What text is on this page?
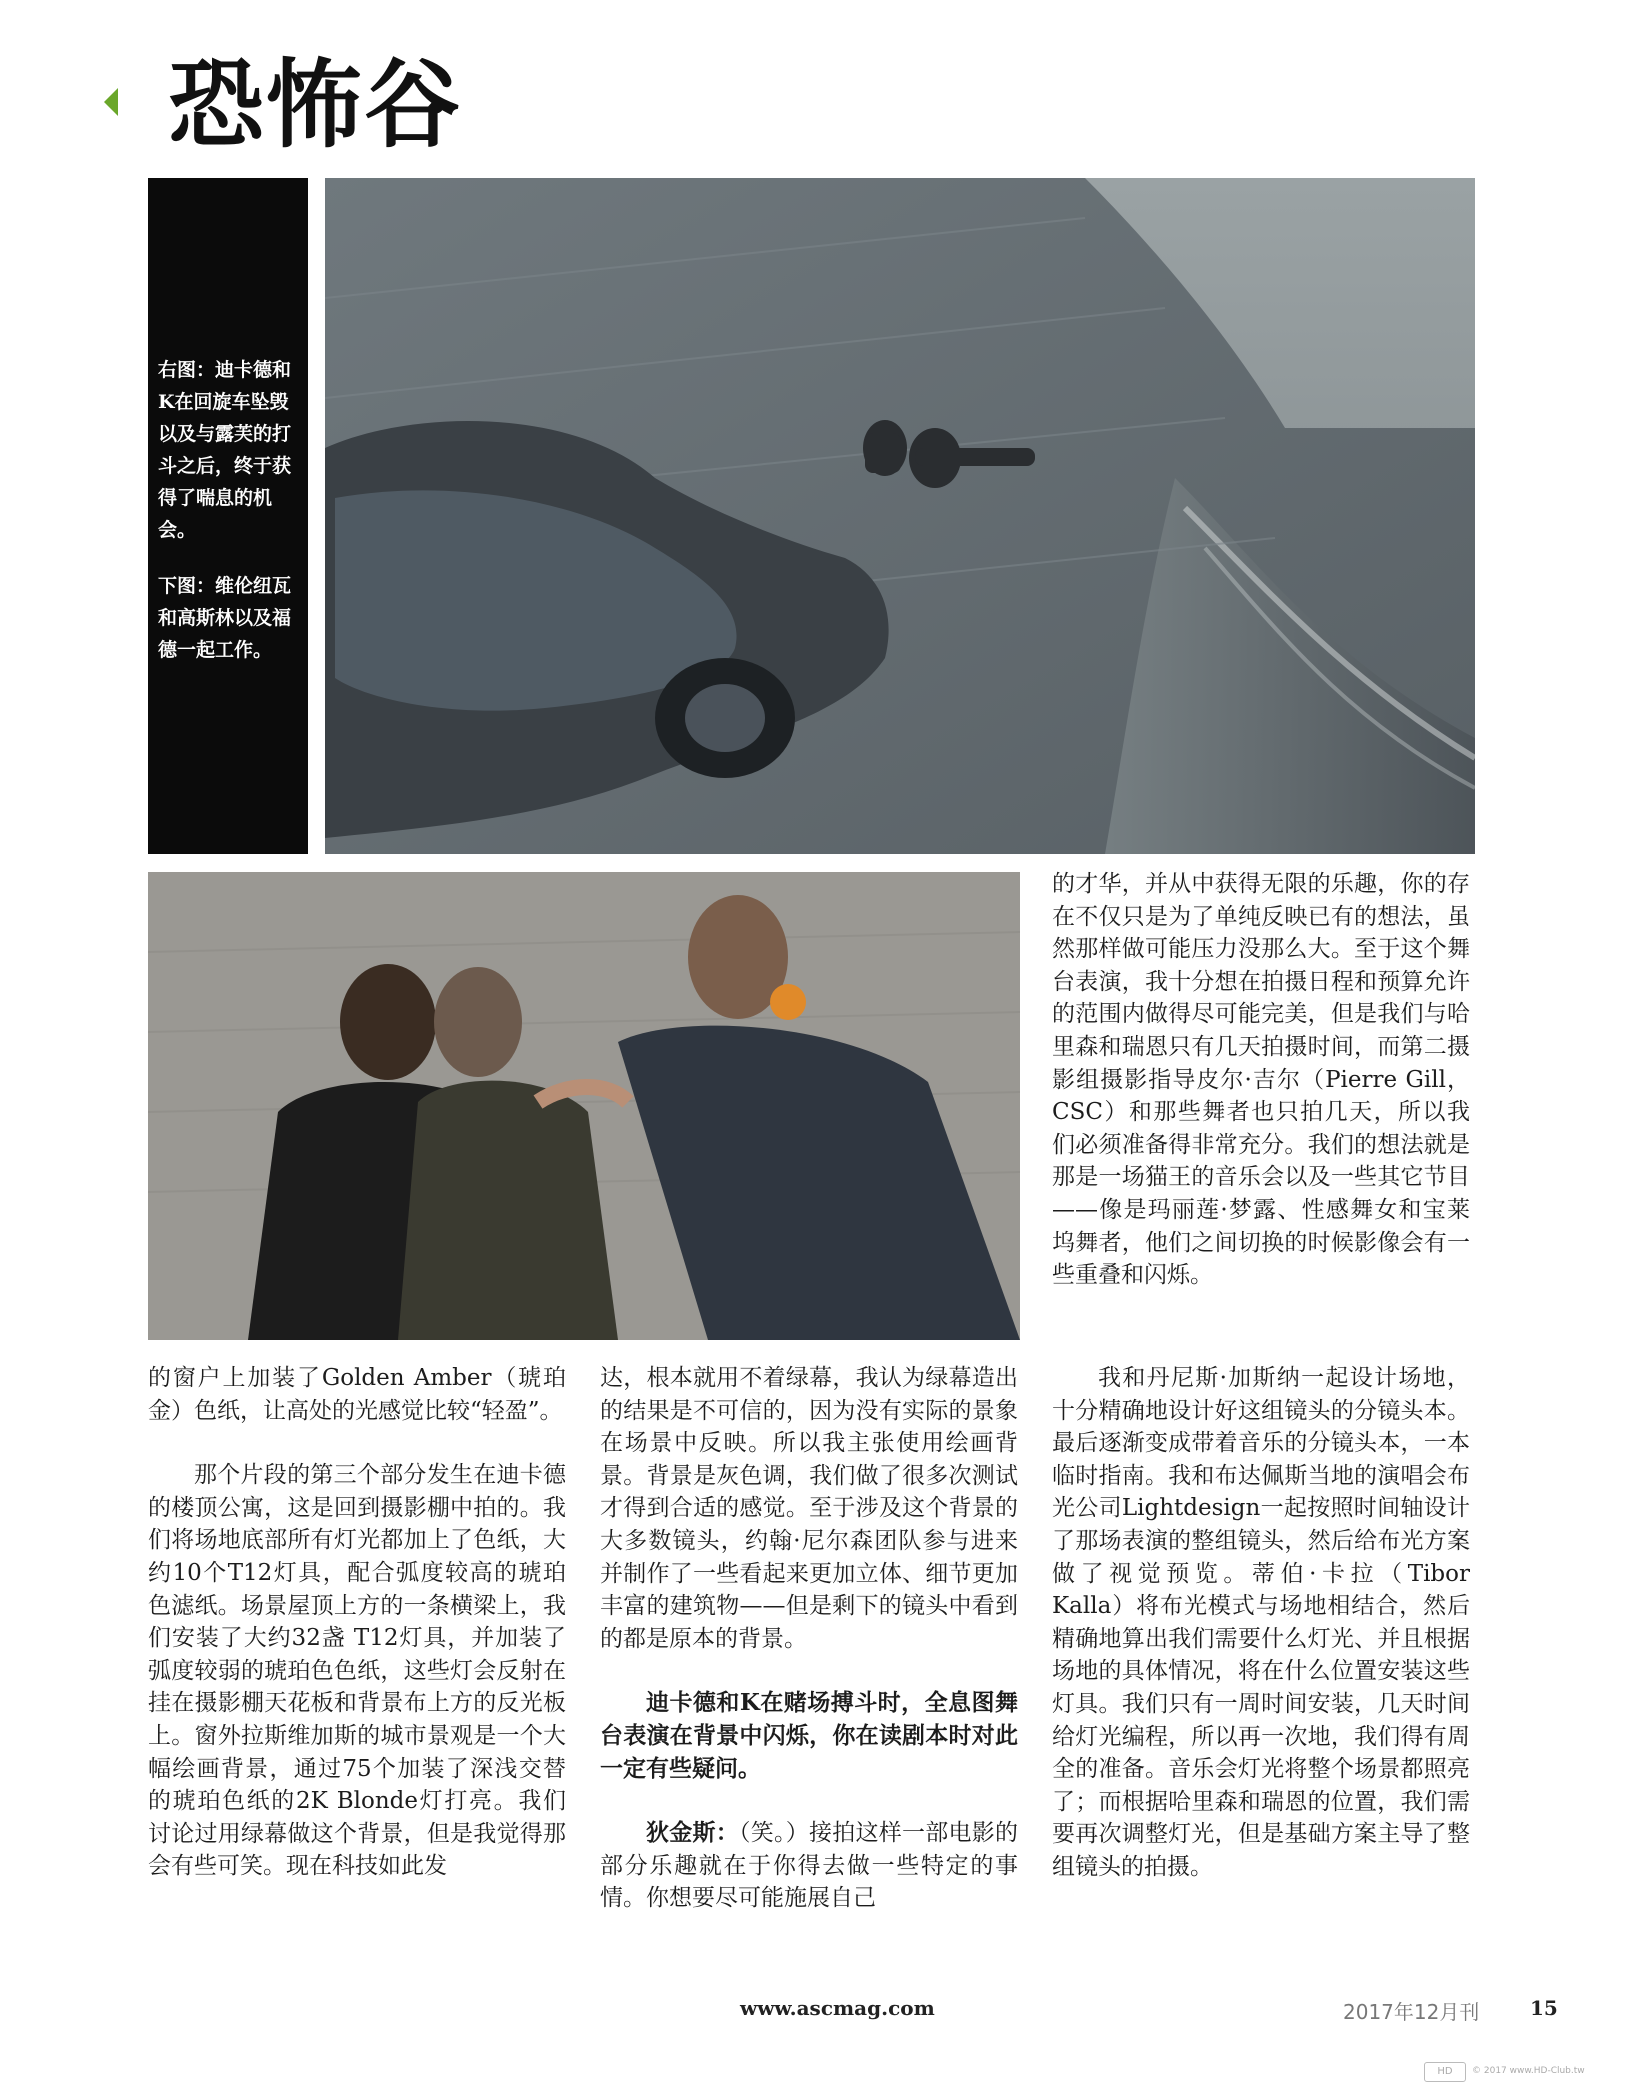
恐怖谷

右图：迪卡德和K在回旋车坠毁以及与露芙的打斗之后，终于获得了喘息的机会。

下图：维伦纽瓦和高斯林以及福德一起工作。

的才华，并从中获得无限的乐趣，你的存在不仅只是为了单纯反映已有的想法，虽然那样做可能压力没那么大。至于这个舞台表演，我十分想在拍摄日程和预算允许的范围内做得尽可能完美，但是我们与哈里森和瑞恩只有几天拍摄时间，而第二摄影组摄影指导皮尔·吉尔（Pierre Gill，CSC）和那些舞者也只拍几天，所以我们必须准备得非常充分。我们的想法就是那是一场猫王的音乐会以及一些其它节目——像是玛丽莲·梦露、性感舞女和宝莱坞舞者，他们之间切换的时候影像会有一些重叠和闪烁。

的窗户上加装了Golden Amber（琥珀金）色纸，让高处的光感觉比较“轻盈”。

那个片段的第三个部分发生在迪卡德的楼顶公寓，这是回到摄影棚中拍的。我们将场地底部所有灯光都加上了色纸，大约10个T12灯具，配合弧度较高的琥珀色滤纸。场景屋顶上方的一条横梁上，我们安装了大约32盏 T12灯具，并加装了弧度较弱的琥珀色色纸，这些灯会反射在挂在摄影棚天花板和背景布上方的反光板上。窗外拉斯维加斯的城市景观是一个大幅绘画背景，通过75个加装了深浅交替的琥珀色纸的2K Blonde灯打亮。我们讨论过用绿幕做这个背景，但是我觉得那会有些可笑。现在科技如此发

达，根本就用不着绿幕，我认为绿幕造出的结果是不可信的，因为没有实际的景象在场景中反映。所以我主张使用绘画背景。背景是灰色调，我们做了很多次测试才得到合适的感觉。至于涉及这个背景的大多数镜头，约翰·尼尔森团队参与进来并制作了一些看起来更加立体、细节更加丰富的建筑物——但是剩下的镜头中看到的都是原本的背景。

迪卡德和K在赌场搏斗时，全息图舞台表演在背景中闪烁，你在读剧本时对此一定有些疑问。

狄金斯：（笑。）接拍这样一部电影的部分乐趣就在于你得去做一些特定的事情。你想要尽可能施展自己

我和丹尼斯·加斯纳一起设计场地，十分精确地设计好这组镜头的分镜头本。最后逐渐变成带着音乐的分镜头本，一本临时指南。我和布达佩斯当地的演唱会布光公司Lightdesign一起按照时间轴设计了那场表演的整组镜头，然后给布光方案做了视觉预览。蒂伯·卡拉（Tibor Kalla）将布光模式与场地相结合，然后精确地算出我们需要什么灯光、并且根据场地的具体情况，将在什么位置安装这些灯具。我们只有一周时间安装，几天时间给灯光编程，所以再一次地，我们得有周全的准备。音乐会灯光将整个场景都照亮了；而根据哈里森和瑞恩的位置，我们需要再次调整灯光，但是基础方案主导了整组镜头的拍摄。

www.ascmag.com	2017年12月刊	15
HD	© 2017 www.HD-Club.tw
